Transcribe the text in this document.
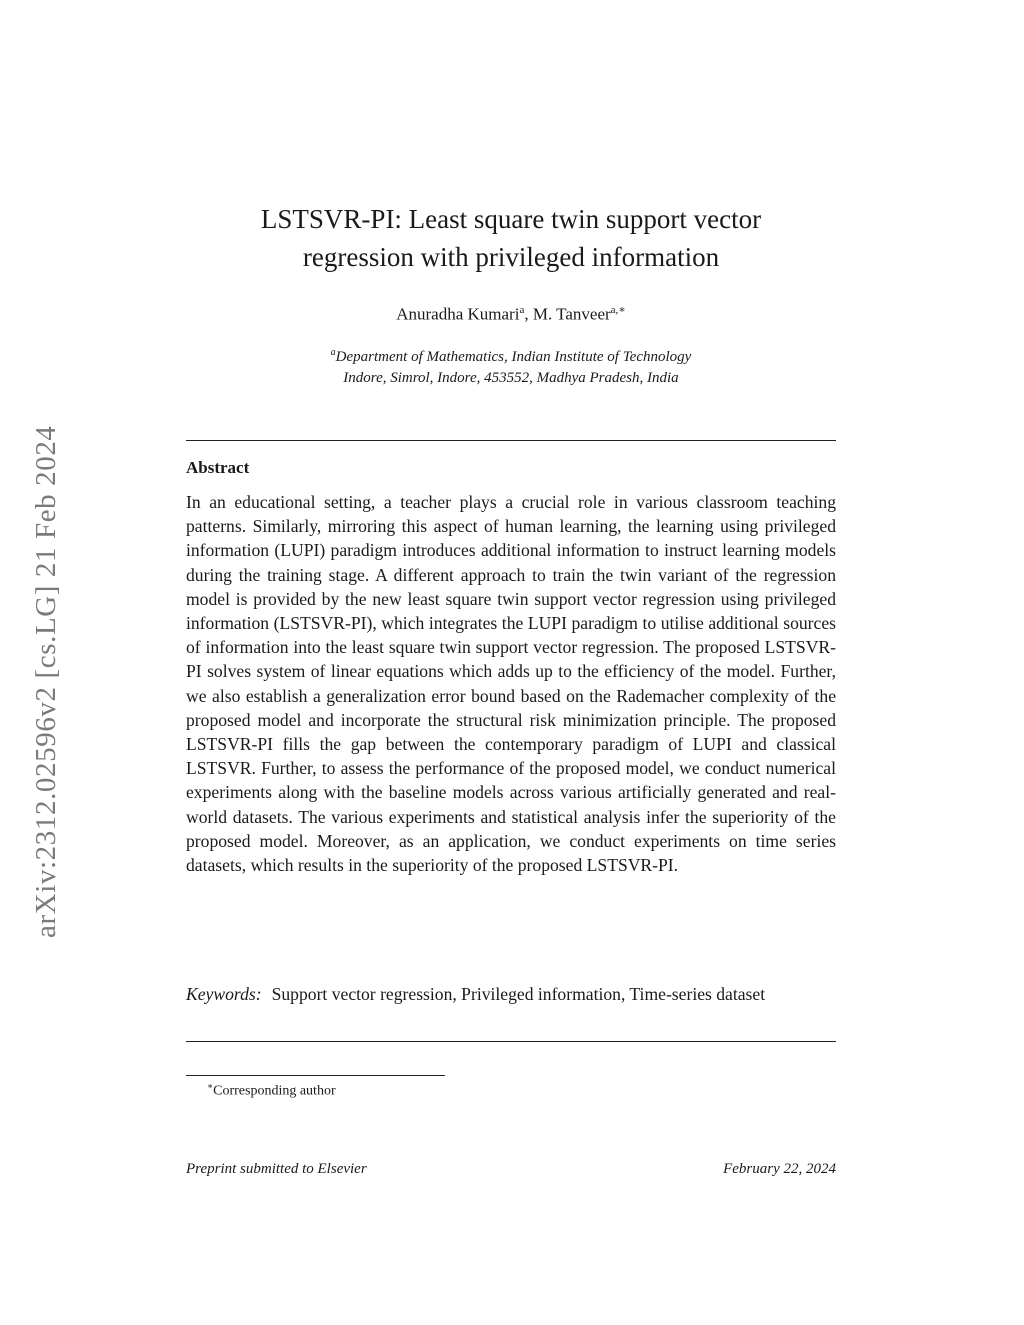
arXiv:2312.02596v2 [cs.LG] 21 Feb 2024
LSTSVR-PI: Least square twin support vector
regression with privileged information
Anuradha Kumari$^a$, M. Tanveer$^{a,∗}$
$^a$Department of Mathematics, Indian Institute of Technology
Indore, Simrol, Indore, 453552, Madhya Pradesh, India
Abstract
In an educational setting, a teacher plays a crucial role in various classroom teaching patterns. Similarly, mirroring this aspect of human learning, the learning using privileged information (LUPI) paradigm introduces additional information to instruct learning models during the training stage. A different approach to train the twin variant of the regression model is provided by the new least square twin support vector regression using privileged information (LSTSVR-PI), which integrates the LUPI paradigm to utilise additional sources of information into the least square twin support vector regression. The proposed LSTSVR-PI solves system of linear equations which adds up to the efficiency of the model. Further, we also establish a generalization error bound based on the Rademacher complexity of the proposed model and incorporate the structural risk minimization principle. The proposed LSTSVR-PI fills the gap between the contemporary paradigm of LUPI and classical LSTSVR. Further, to assess the performance of the proposed model, we conduct numerical experiments along with the baseline models across various artificially generated and real-world datasets. The various experiments and statistical analysis infer the superiority of the proposed model. Moreover, as an application, we conduct experiments on time series datasets, which results in the superiority of the proposed LSTSVR-PI.
Keywords: Support vector regression, Privileged information, Time-series dataset
∗Corresponding author
Preprint submitted to Elsevier	February 22, 2024
